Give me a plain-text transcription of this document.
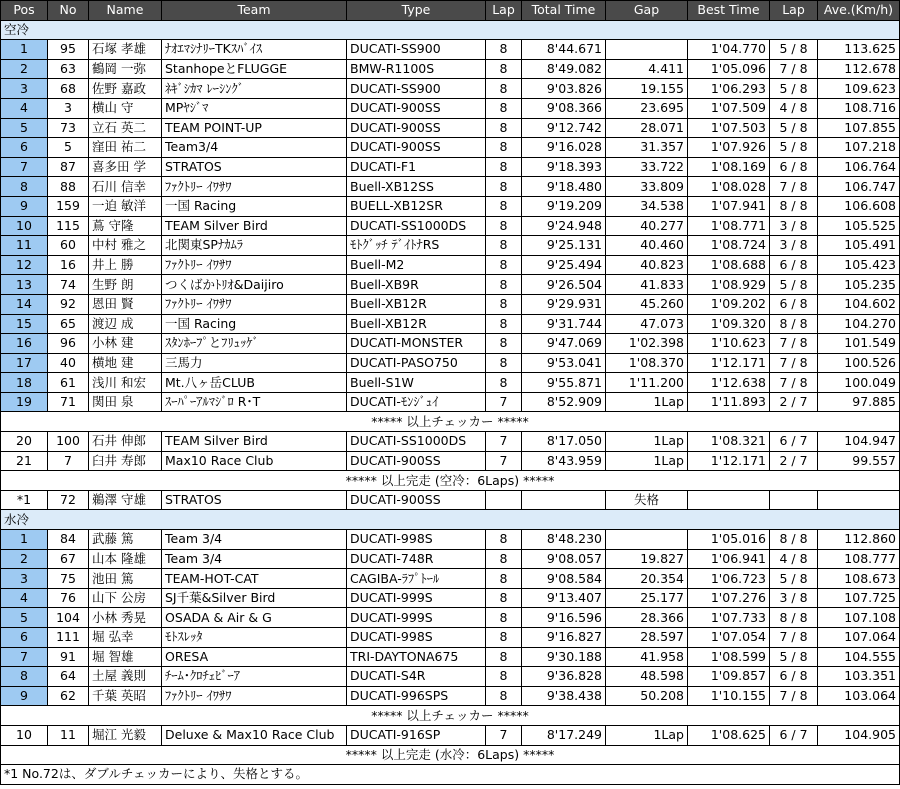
Pos	No	Name	Team	Type	Lap	Total Time	Gap	Best Time	Lap	Ave.(Km/h)
空冷										
1	95	石塚 孝雄	ﾅｵｴﾏｼﾅﾘｰTKｽﾊﾞｲｽ	DUCATI-SS900	8	8'44.671		1'04.770	5 / 8	113.625
2	63	鶴岡 一弥	StanhopeとFLUGGE	BMW-R1100S	8	8'49.082	4.411	1'05.096	7 / 8	112.678
3	68	佐野 嘉政	ﾈｷﾞｼｶﾏ ﾚｰｼﾝｸﾞ	DUCATI-SS900	8	9'03.826	19.155	1'06.293	5 / 8	109.623
4	3	横山 守	MPﾔｼﾞﾏ	DUCATI-900SS	8	9'08.366	23.695	1'07.509	4 / 8	108.716
5	73	立石 英二	TEAM POINT-UP	DUCATI-900SS	8	9'12.742	28.071	1'07.503	5 / 8	107.855
6	5	窪田 祐二	Team3/4	DUCATI-900SS	8	9'16.028	31.357	1'07.926	5 / 8	107.218
7	87	喜多田 学	STRATOS	DUCATI-F1	8	9'18.393	33.722	1'08.169	6 / 8	106.764
8	88	石川 信幸	ﾌｧｸﾄﾘｰ ｲﾜｻﾜ	Buell-XB12SS	8	9'18.480	33.809	1'08.028	7 / 8	106.747
9	159	一迫 敏洋	一国 Racing	BUELL-XB12SR	8	9'19.209	34.538	1'07.941	8 / 8	106.608
10	115	蔦 守隆	TEAM Silver Bird	DUCATI-SS1000DS	8	9'24.948	40.277	1'08.771	3 / 8	105.525
11	60	中村 雅之	北関東SPﾅｶﾑﾗ	ﾓﾄｸﾞｯﾁ ﾃﾞｲﾄﾅRS	8	9'25.131	40.460	1'08.724	3 / 8	105.491
12	16	井上 勝	ﾌｧｸﾄﾘｰ ｲﾜｻﾜ	Buell-M2	8	9'25.494	40.823	1'08.688	6 / 8	105.423
13	74	生野 朗	つくばかﾄﾘｵ&Daijiro	Buell-XB9R	8	9'26.504	41.833	1'08.929	5 / 8	105.235
14	92	恩田 賢	ﾌｧｸﾄﾘｰ ｲﾜｻﾜ	Buell-XB12R	8	9'29.931	45.260	1'09.202	6 / 8	104.602
15	65	渡辺 成	一国 Racing	Buell-XB12R	8	9'31.744	47.073	1'09.320	8 / 8	104.270
16	96	小林 建	ｽﾀﾝﾎｰﾌﾟとﾌﾘｭｯｹﾞ	DUCATI-MONSTER	8	9'47.069	1'02.398	1'10.623	7 / 8	101.549
17	40	横地 建	三馬力	DUCATI-PASO750	8	9'53.041	1'08.370	1'12.171	7 / 8	100.526
18	61	浅川 和宏	Mt.八ヶ岳CLUB	Buell-S1W	8	9'55.871	1'11.200	1'12.638	7 / 8	100.049
19	71	関田 泉	ｽｰﾊﾟｰｱﾙﾏｼﾞﾛ R･T	DUCATI-ﾓﾝｼﾞｭｲ	7	8'52.909	1Lap	1'11.893	2 / 7	97.885
***** 以上チェッカー *****										
20	100	石井 伸郎	TEAM Silver Bird	DUCATI-SS1000DS	7	8'17.050	1Lap	1'08.321	6 / 7	104.947
21	7	臼井 寿郎	Max10 Race Club	DUCATI-900SS	7	8'43.959	1Lap	1'12.171	2 / 7	99.557
***** 以上完走 (空冷：6Laps) *****										
*1	72	鵜澤 守雄	STRATOS	DUCATI-900SS			失格			
水冷										
1	84	武藤 篤	Team 3/4	DUCATI-998S	8	8'48.230		1'05.016	8 / 8	112.860
2	67	山本 隆雄	Team 3/4	DUCATI-748R	8	9'08.057	19.827	1'06.941	4 / 8	108.777
3	75	池田 篤	TEAM-HOT-CAT	CAGIBA-ﾗﾌﾟﾄｰﾙ	8	9'08.584	20.354	1'06.723	5 / 8	108.673
4	76	山下 公房	SJ千葉&Silver Bird	DUCATI-999S	8	9'13.407	25.177	1'07.276	3 / 8	107.725
5	104	小林 秀晃	OSADA & Air & G	DUCATI-999S	8	9'16.596	28.366	1'07.733	8 / 8	107.108
6	111	堀 弘幸	ﾓﾄｽﾚｯﾀ	DUCATI-998S	8	9'16.827	28.597	1'07.054	7 / 8	107.064
7	91	堀 智雄	ORESA	TRI-DAYTONA675	8	9'30.188	41.958	1'08.599	5 / 8	104.555
8	64	土屋 義則	ﾁｰﾑ･ｸﾛﾁｪﾋﾞｰｱ	DUCATI-S4R	8	9'36.828	48.598	1'09.857	6 / 8	103.351
9	62	千葉 英昭	ﾌｧｸﾄﾘｰ ｲﾜｻﾜ	DUCATI-996SPS	8	9'38.438	50.208	1'10.155	7 / 8	103.064
***** 以上チェッカー *****										
10	11	堀江 光毅	Deluxe & Max10 Race Club	DUCATI-916SP	7	8'17.249	1Lap	1'08.625	6 / 7	104.905
***** 以上完走 (水冷：6Laps) *****										
*1 No.72は、ダブルチェッカーにより、失格とする。										
